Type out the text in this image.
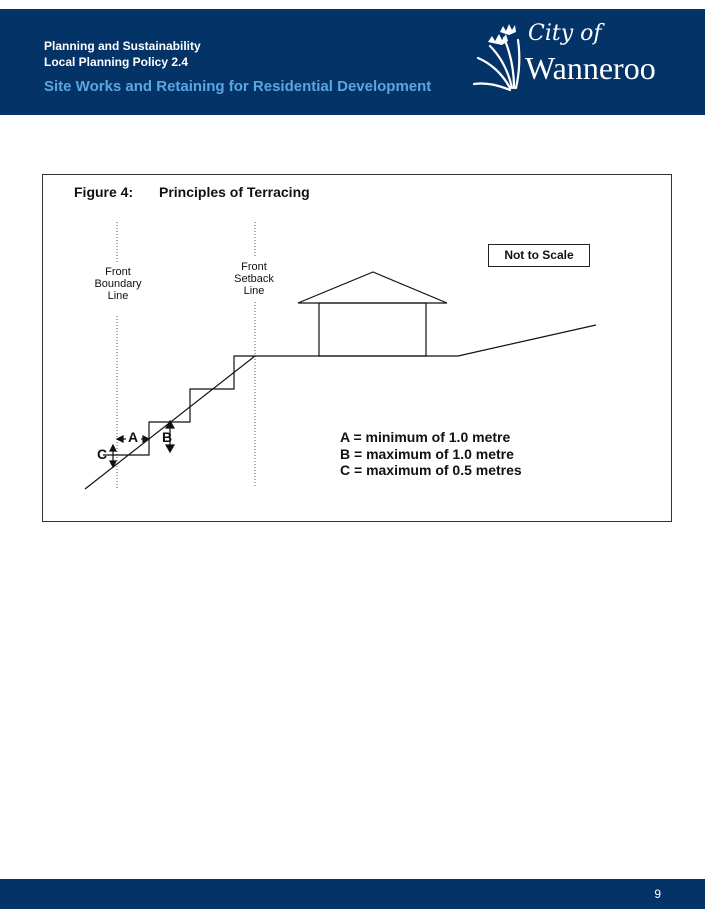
Planning and Sustainability
Local Planning Policy 2.4
Site Works and Retaining for Residential Development
City of
Wanneroo
Figure 4: Principles of Terracing
Front
Boundary
Line
Front
Setback
Line
Not to Scale
A B
C
A = minimum of 1.0 metre
B = maximum of 1.0 metre
C = maximum of 0.5 metres
9
